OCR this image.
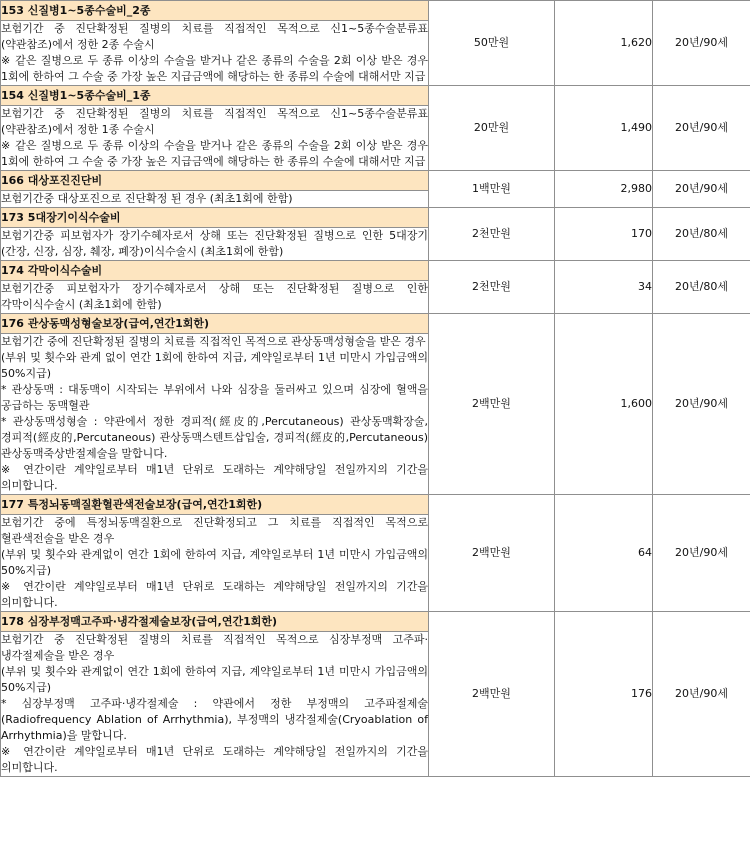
153 신질병1~5종수술비_2종	50만원	1,620	20년/90세

보험기간 중 진단확정된 질병의 치료를 직접적인 목적으로 신1~5종수술분류표(약관참조)에서 정한 2종 수술시

※ 같은 질병으로 두 종류 이상의 수술을 받거나 같은 종류의 수술을 2회 이상 받은 경우 1회에 한하여 그 수술 중 가장 높은 지급금액에 해당하는 한 종류의 수술에 대해서만 지급			

154 신질병1~5종수술비_1종	20만원	1,490	20년/90세

보험기간 중 진단확정된 질병의 치료를 직접적인 목적으로 신1~5종수술분류표(약관참조)에서 정한 1종 수술시

※ 같은 질병으로 두 종류 이상의 수술을 받거나 같은 종류의 수술을 2회 이상 받은 경우 1회에 한하여 그 수술 중 가장 높은 지급금액에 해당하는 한 종류의 수술에 대해서만 지급			

166 대상포진진단비	1백만원	2,980	20년/90세

보험기간중 대상포진으로 진단확정 된 경우 (최초1회에 한함)			

173 5대장기이식수술비	2천만원	170	20년/80세

보험기간중 피보험자가 장기수혜자로서 상해 또는 진단확정된 질병으로 인한 5대장기(간장, 신장, 심장, 췌장, 폐장)이식수술시 (최초1회에 한함)			

174 각막이식수술비	2천만원	34	20년/80세

보험기간중 피보험자가 장기수혜자로서 상해 또는 진단확정된 질병으로 인한 각막이식수술시 (최초1회에 한함)			

176 관상동맥성형술보장(급여,연간1회한)	2백만원	1,600	20년/90세

보험기간 중에 진단확정된 질병의 치료를 직접적인 목적으로 관상동맥성형술을 받은 경우

(부위 및 횟수와 관계 없이 연간 1회에 한하여 지급, 계약일로부터 1년 미만시 가입금액의 50%지급)

* 관상동맥 : 대동맥이 시작되는 부위에서 나와 심장을 둘러싸고 있으며 심장에 혈액을 공급하는 동맥혈관

* 관상동맥성형술 : 약관에서 정한 경피적(經皮的,Percutaneous) 관상동맥확장술, 경피적(經皮的,Percutaneous) 관상동맥스텐트삽입술, 경피적(經皮的,Percutaneous) 관상동맥죽상반절제술을 말합니다.

※ 연간이란 계약일로부터 매1년 단위로 도래하는 계약해당일 전일까지의 기간을 의미합니다.			

177 특정뇌동맥질환혈관색전술보장(급여,연간1회한)	2백만원	64	20년/90세

보험기간 중에 특정뇌동맥질환으로 진단확정되고 그 치료를 직접적인 목적으로 혈관색전술을 받은 경우

(부위 및 횟수와 관계없이 연간 1회에 한하여 지급, 계약일로부터 1년 미만시 가입금액의 50%지급)

※ 연간이란 계약일로부터 매1년 단위로 도래하는 계약해당일 전일까지의 기간을 의미합니다.			

178 심장부정맥고주파·냉각절제술보장(급여,연간1회한)	2백만원	176	20년/90세

보험기간 중 진단확정된 질병의 치료를 직접적인 목적으로 심장부정맥 고주파·냉각절제술을 받은 경우

(부위 및 횟수와 관계없이 연간 1회에 한하여 지급, 계약일로부터 1년 미만시 가입금액의 50%지급)

* 심장부정맥 고주파·냉각절제술 : 약관에서 정한 부정맥의 고주파절제술(Radiofrequency Ablation of Arrhythmia), 부정맥의 냉각절제술(Cryoablation of Arrhythmia)을 말합니다.

※ 연간이란 계약일로부터 매1년 단위로 도래하는 계약해당일 전일까지의 기간을 의미합니다.			
